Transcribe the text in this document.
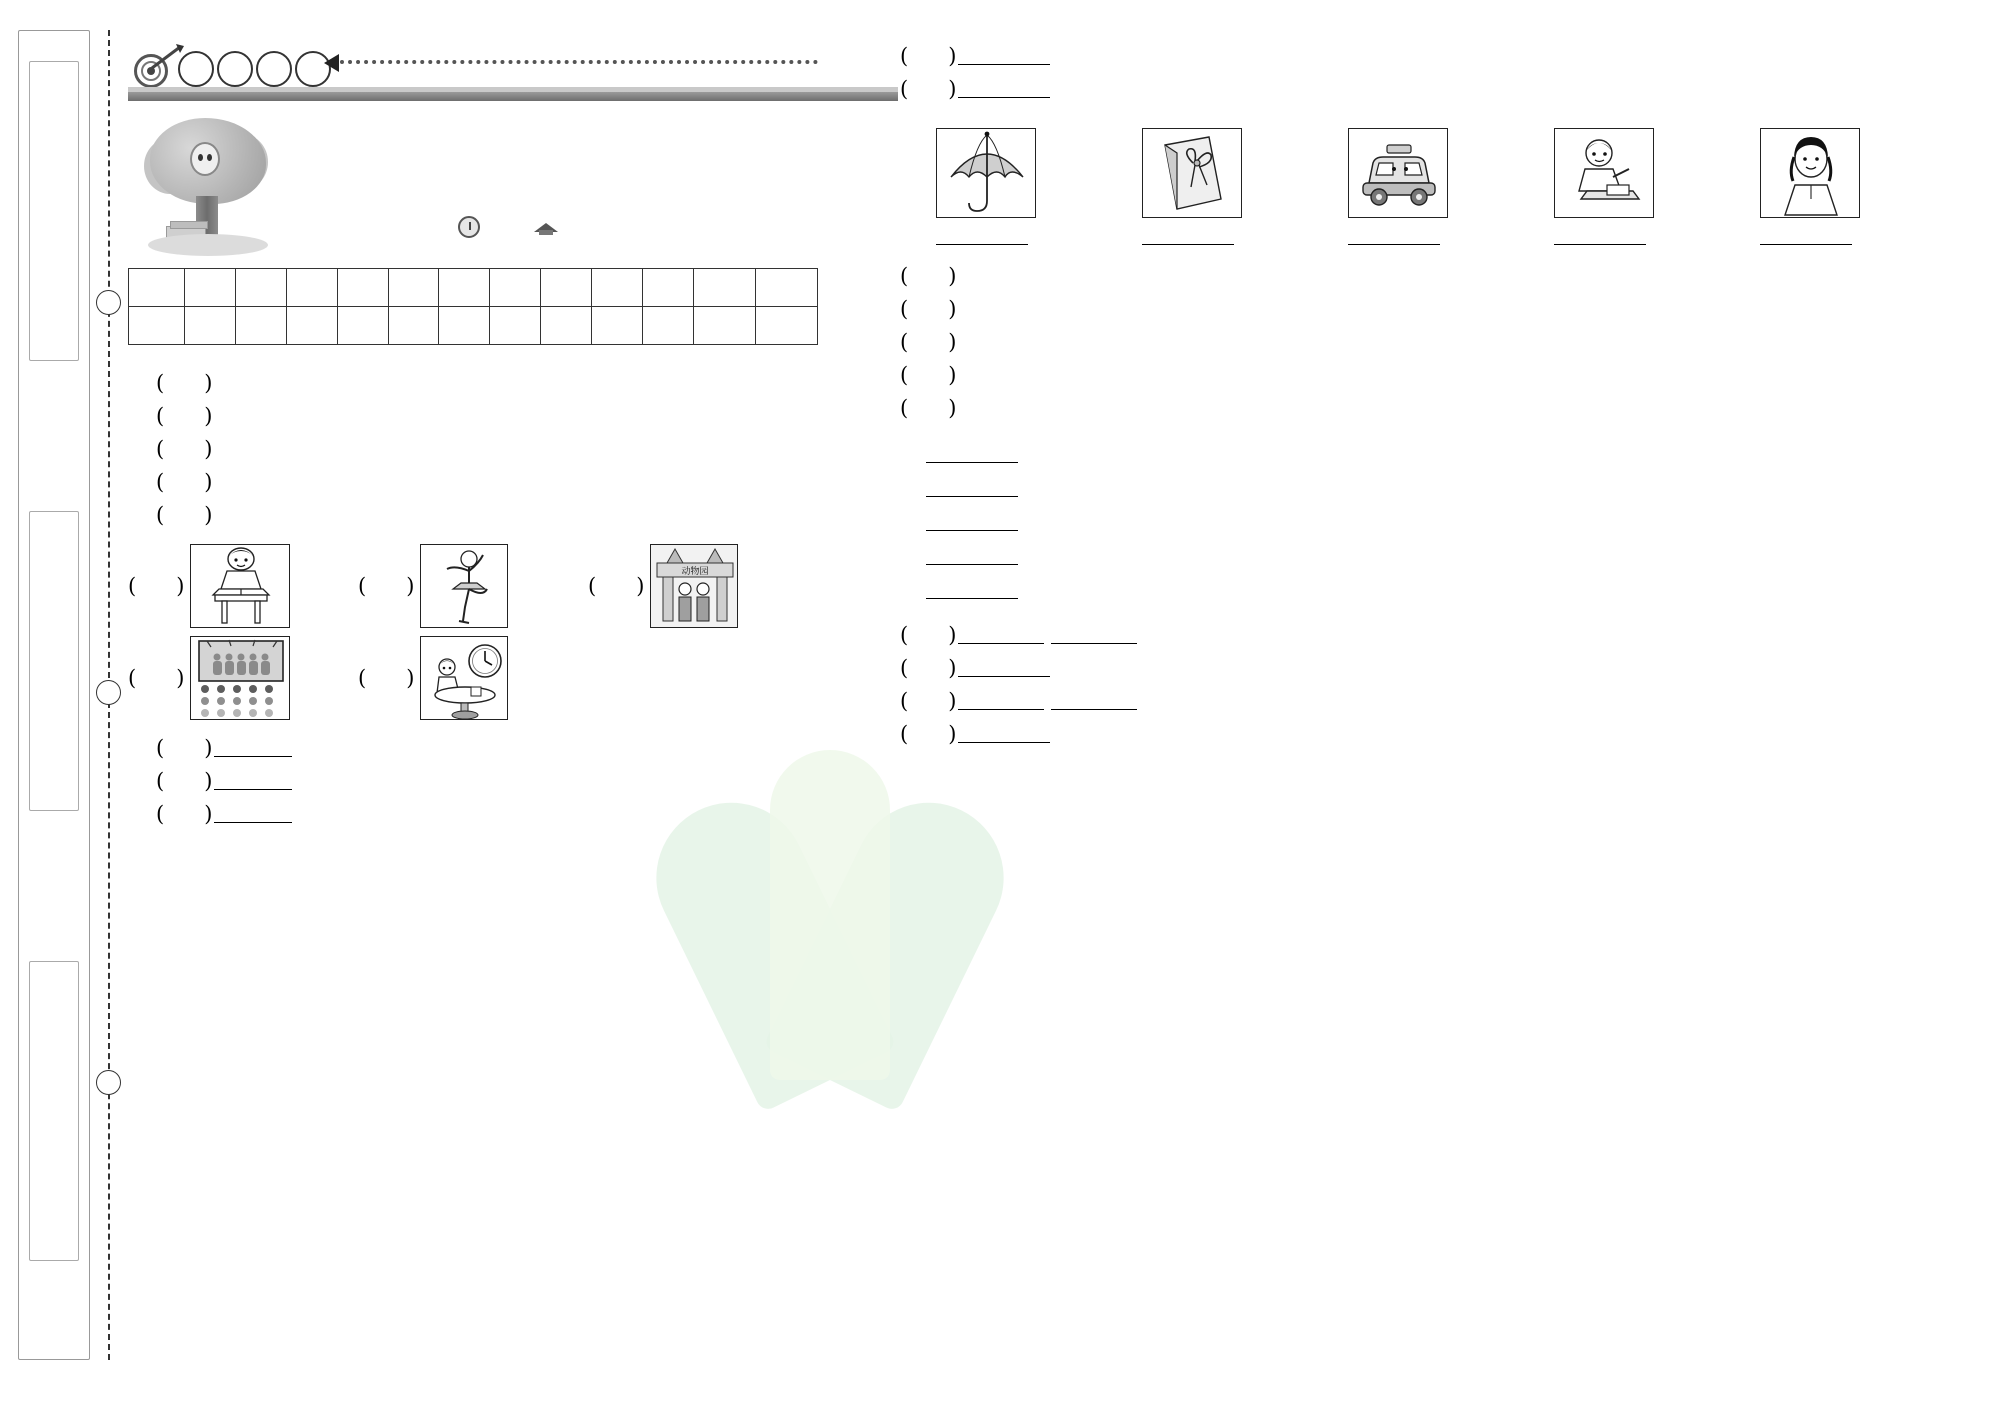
(      )
(      )
(      )
(      )
(      )
(      )	(      )	(      )
动物园
(      )	(      )
(      )
(      )
(      )
(      )
(      )
(      )
(      )
(      )
(      )
(      )
(      )

(      )
(      )

(      )
